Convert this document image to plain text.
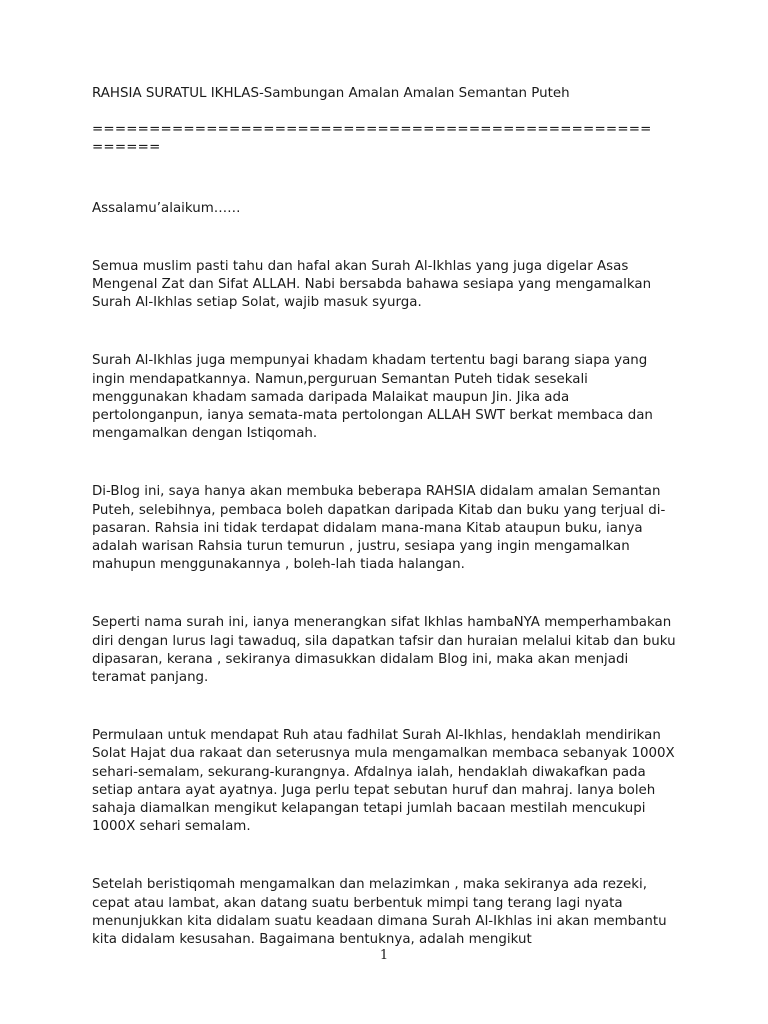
RAHSIA SURATUL IKHLAS-Sambungan Amalan Amalan Semantan Puteh

=================================================
======

Assalamu’alaikum……

Semua muslim pasti tahu dan hafal akan Surah Al-Ikhlas yang juga digelar Asas Mengenal Zat dan Sifat ALLAH. Nabi bersabda bahawa sesiapa yang mengamalkan Surah Al-Ikhlas setiap Solat, wajib masuk syurga.

Surah Al-Ikhlas juga mempunyai khadam khadam tertentu bagi barang siapa yang ingin mendapatkannya. Namun,perguruan Semantan Puteh tidak sesekali menggunakan khadam samada daripada Malaikat maupun Jin. Jika ada pertolonganpun, ianya semata-mata pertolongan ALLAH SWT berkat membaca dan mengamalkan dengan Istiqomah.

Di-Blog ini, saya hanya akan membuka beberapa RAHSIA didalam amalan Semantan Puteh, selebihnya, pembaca boleh dapatkan daripada Kitab dan buku yang terjual di-pasaran. Rahsia ini tidak terdapat didalam mana-mana Kitab ataupun buku, ianya adalah warisan Rahsia turun temurun , justru, sesiapa yang ingin mengamalkan mahupun menggunakannya , boleh-lah tiada halangan.

Seperti nama surah ini, ianya menerangkan sifat Ikhlas hambaNYA memperhambakan diri dengan lurus lagi tawaduq, sila dapatkan tafsir dan huraian melalui kitab dan buku dipasaran, kerana , sekiranya dimasukkan didalam Blog ini, maka akan menjadi teramat panjang.

Permulaan untuk mendapat Ruh atau fadhilat Surah Al-Ikhlas, hendaklah mendirikan Solat Hajat dua rakaat dan seterusnya mula mengamalkan membaca sebanyak 1000X sehari-semalam, sekurang-kurangnya. Afdalnya ialah, hendaklah diwakafkan pada setiap antara ayat ayatnya. Juga perlu tepat sebutan huruf dan mahraj. Ianya boleh sahaja diamalkan mengikut kelapangan tetapi jumlah bacaan mestilah mencukupi 1000X sehari semalam.

Setelah beristiqomah mengamalkan dan melazimkan , maka sekiranya ada rezeki, cepat atau lambat, akan datang suatu berbentuk mimpi tang terang lagi nyata menunjukkan kita didalam suatu keadaan dimana Surah Al-Ikhlas ini akan membantu kita didalam kesusahan. Bagaimana bentuknya, adalah mengikut

1
